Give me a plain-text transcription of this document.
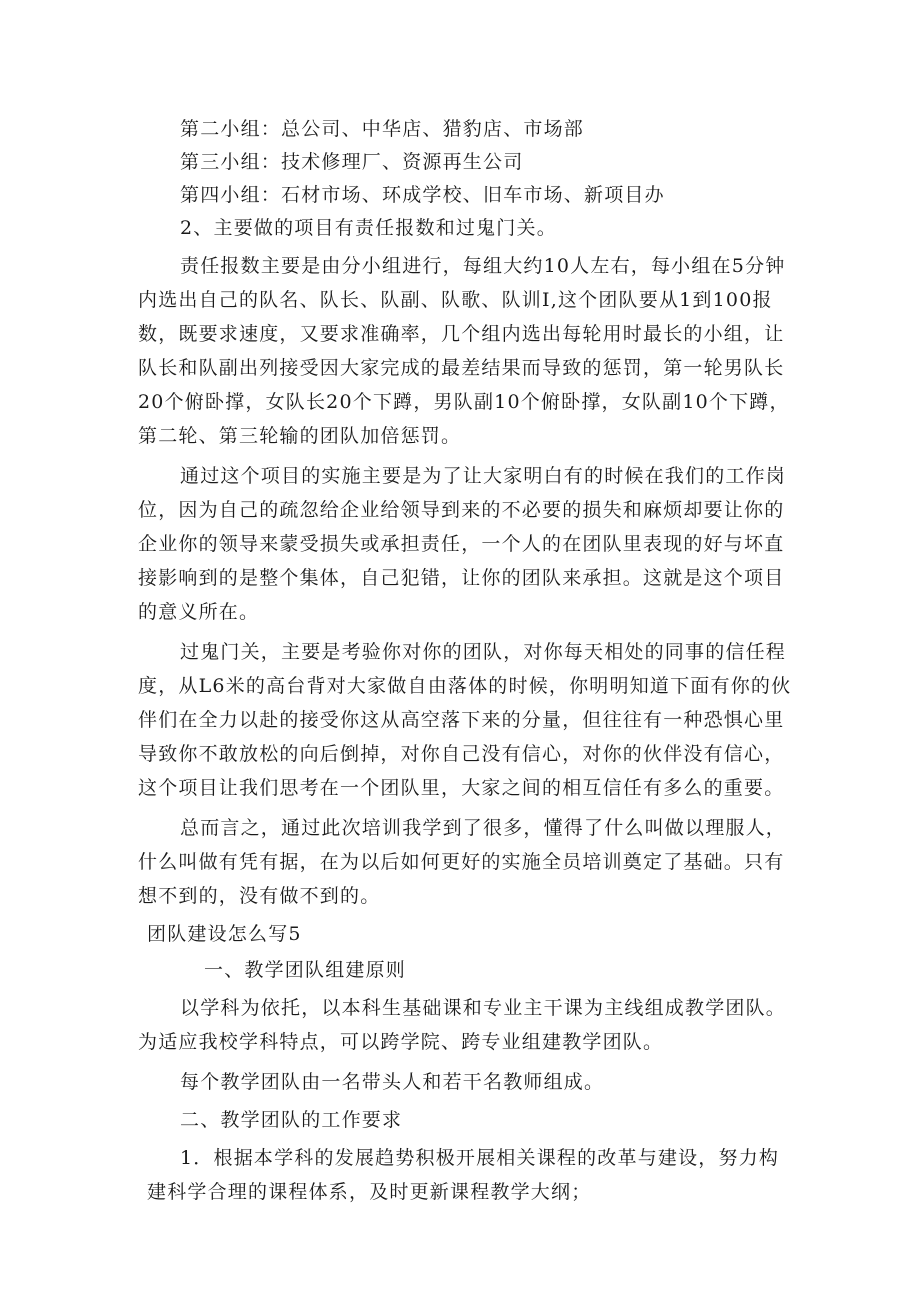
第二小组：总公司、中华店、猎豹店、市场部
第三小组：技术修理厂、资源再生公司
第四小组：石材市场、环成学校、旧车市场、新项目办
2、主要做的项目有责任报数和过鬼门关。
责任报数主要是由分小组进行，每组大约10人左右，每小组在5分钟
内选出自己的队名、队长、队副、队歌、队训I,这个团队要从1到100报
数，既要求速度，又要求准确率，几个组内选出每轮用时最长的小组，让
队长和队副出列接受因大家完成的最差结果而导致的惩罚，第一轮男队长
20个俯卧撑，女队长20个下蹲，男队副10个俯卧撑，女队副10个下蹲，
第二轮、第三轮输的团队加倍惩罚。
通过这个项目的实施主要是为了让大家明白有的时候在我们的工作岗
位，因为自己的疏忽给企业给领导到来的不必要的损失和麻烦却要让你的
企业你的领导来蒙受损失或承担责任，一个人的在团队里表现的好与坏直
接影响到的是整个集体，自己犯错，让你的团队来承担。这就是这个项目
的意义所在。
过鬼门关，主要是考验你对你的团队，对你每天相处的同事的信任程
度，从L6米的高台背对大家做自由落体的时候，你明明知道下面有你的伙
伴们在全力以赴的接受你这从高空落下来的分量，但往往有一种恐惧心里
导致你不敢放松的向后倒掉，对你自己没有信心，对你的伙伴没有信心，
这个项目让我们思考在一个团队里，大家之间的相互信任有多么的重要。
总而言之，通过此次培训我学到了很多，懂得了什么叫做以理服人，
什么叫做有凭有据，在为以后如何更好的实施全员培训奠定了基础。只有
想不到的，没有做不到的。
团队建设怎么写5
一、教学团队组建原则
以学科为依托，以本科生基础课和专业主干课为主线组成教学团队。
为适应我校学科特点，可以跨学院、跨专业组建教学团队。
每个教学团队由一名带头人和若干名教师组成。
二、教学团队的工作要求
1．根据本学科的发展趋势积极开展相关课程的改革与建设，努力构
建科学合理的课程体系，及时更新课程教学大纲；
